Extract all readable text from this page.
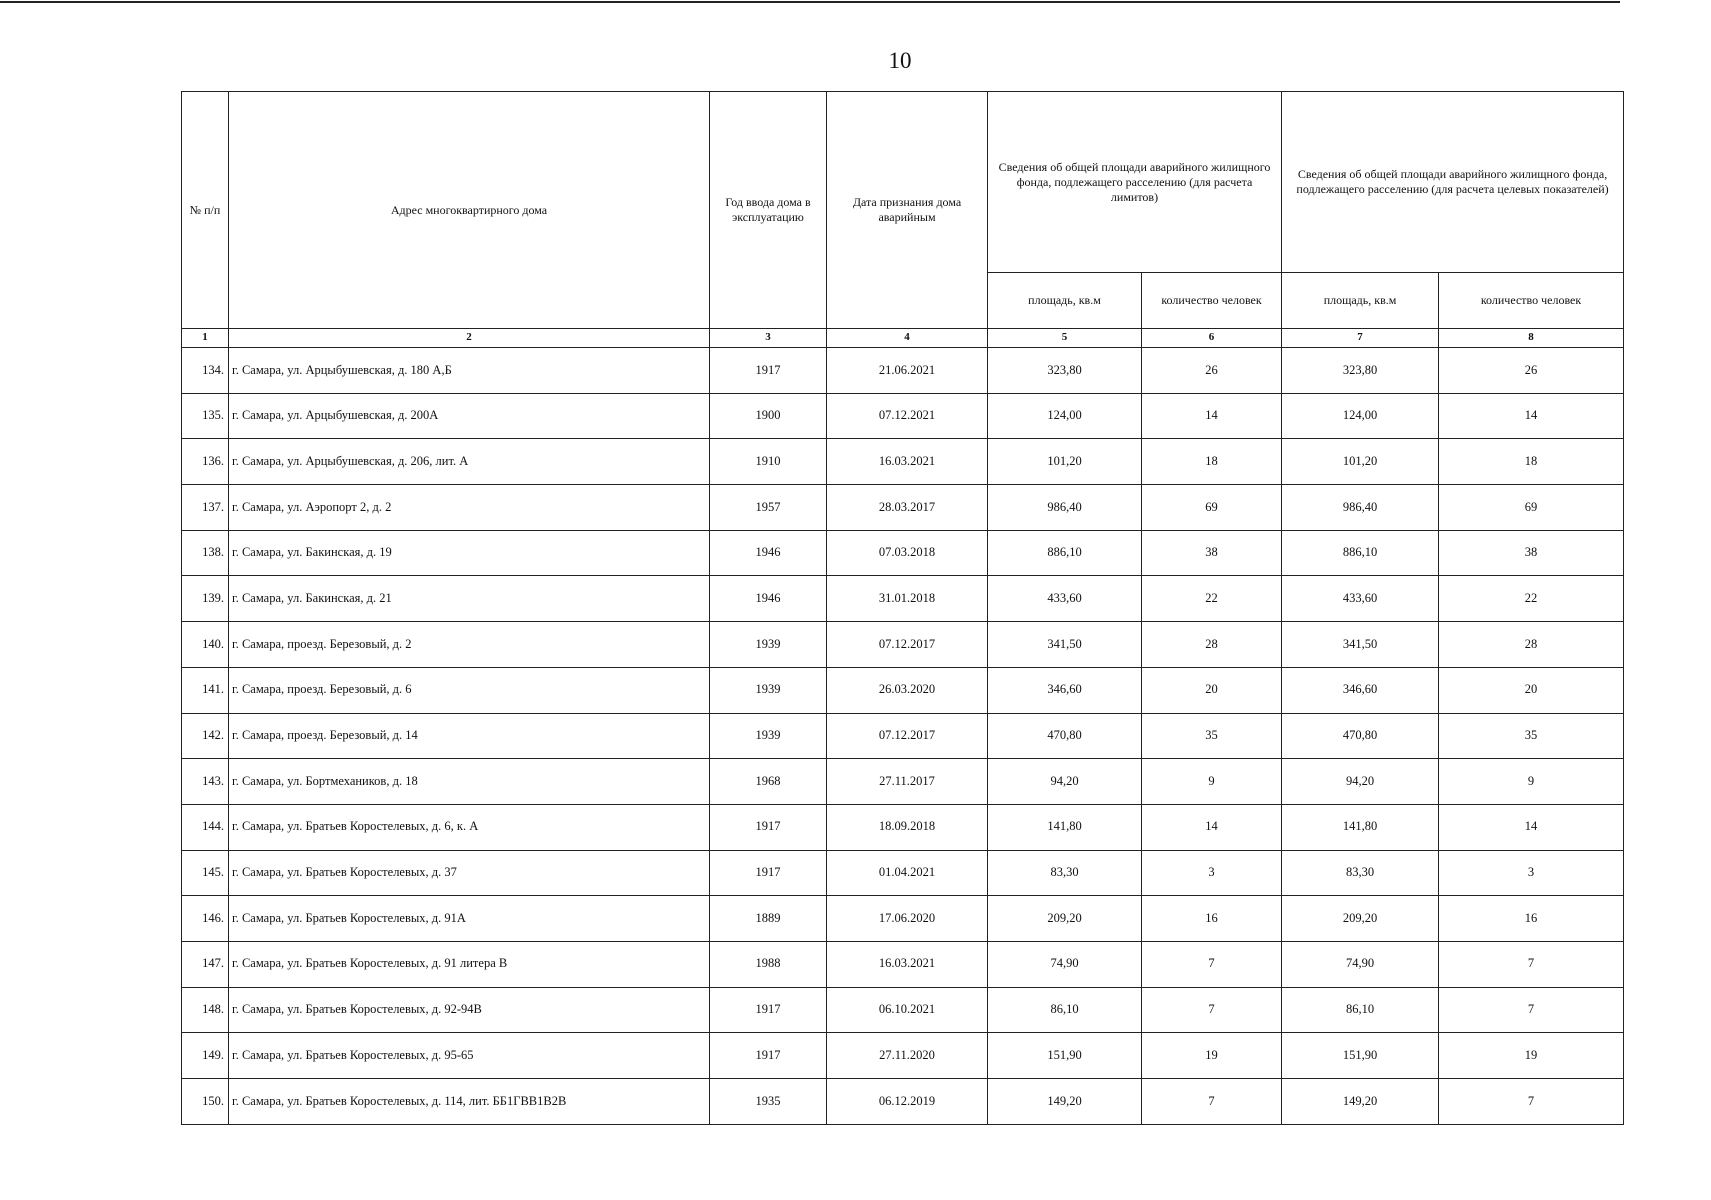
10
№ п/п	Адрес многоквартирного дома	Год ввода дома в эксплуатацию	Дата признания дома аварийным	Сведения об общей площади аварийного жилищного фонда, подлежащего расселению (для расчета лимитов)		Сведения об общей площади аварийного жилищного фонда, подлежащего расселению (для расчета целевых показателей)	
				площадь, кв.м	количество человек	площадь, кв.м	количество человек
1	2	3	4	5	6	7	8
134.	г. Самара, ул. Арцыбушевская, д. 180 А,Б	1917	21.06.2021	323,80	26	323,80	26
135.	г. Самара, ул. Арцыбушевская, д. 200А	1900	07.12.2021	124,00	14	124,00	14
136.	г. Самара, ул. Арцыбушевская, д. 206, лит. А	1910	16.03.2021	101,20	18	101,20	18
137.	г. Самара, ул. Аэропорт 2, д. 2	1957	28.03.2017	986,40	69	986,40	69
138.	г. Самара, ул. Бакинская, д. 19	1946	07.03.2018	886,10	38	886,10	38
139.	г. Самара, ул. Бакинская, д. 21	1946	31.01.2018	433,60	22	433,60	22
140.	г. Самара, проезд. Березовый, д. 2	1939	07.12.2017	341,50	28	341,50	28
141.	г. Самара, проезд. Березовый, д. 6	1939	26.03.2020	346,60	20	346,60	20
142.	г. Самара, проезд. Березовый, д. 14	1939	07.12.2017	470,80	35	470,80	35
143.	г. Самара, ул. Бортмехаников, д. 18	1968	27.11.2017	94,20	9	94,20	9
144.	г. Самара, ул. Братьев Коростелевых, д. 6, к. А	1917	18.09.2018	141,80	14	141,80	14
145.	г. Самара, ул. Братьев Коростелевых, д. 37	1917	01.04.2021	83,30	3	83,30	3
146.	г. Самара, ул. Братьев Коростелевых, д. 91А	1889	17.06.2020	209,20	16	209,20	16
147.	г. Самара, ул. Братьев Коростелевых, д. 91 литера В	1988	16.03.2021	74,90	7	74,90	7
148.	г. Самара, ул. Братьев Коростелевых, д. 92-94В	1917	06.10.2021	86,10	7	86,10	7
149.	г. Самара, ул. Братьев Коростелевых, д. 95-65	1917	27.11.2020	151,90	19	151,90	19
150.	г. Самара, ул. Братьев Коростелевых, д. 114, лит. ББ1ГВВ1В2В	1935	06.12.2019	149,20	7	149,20	7
